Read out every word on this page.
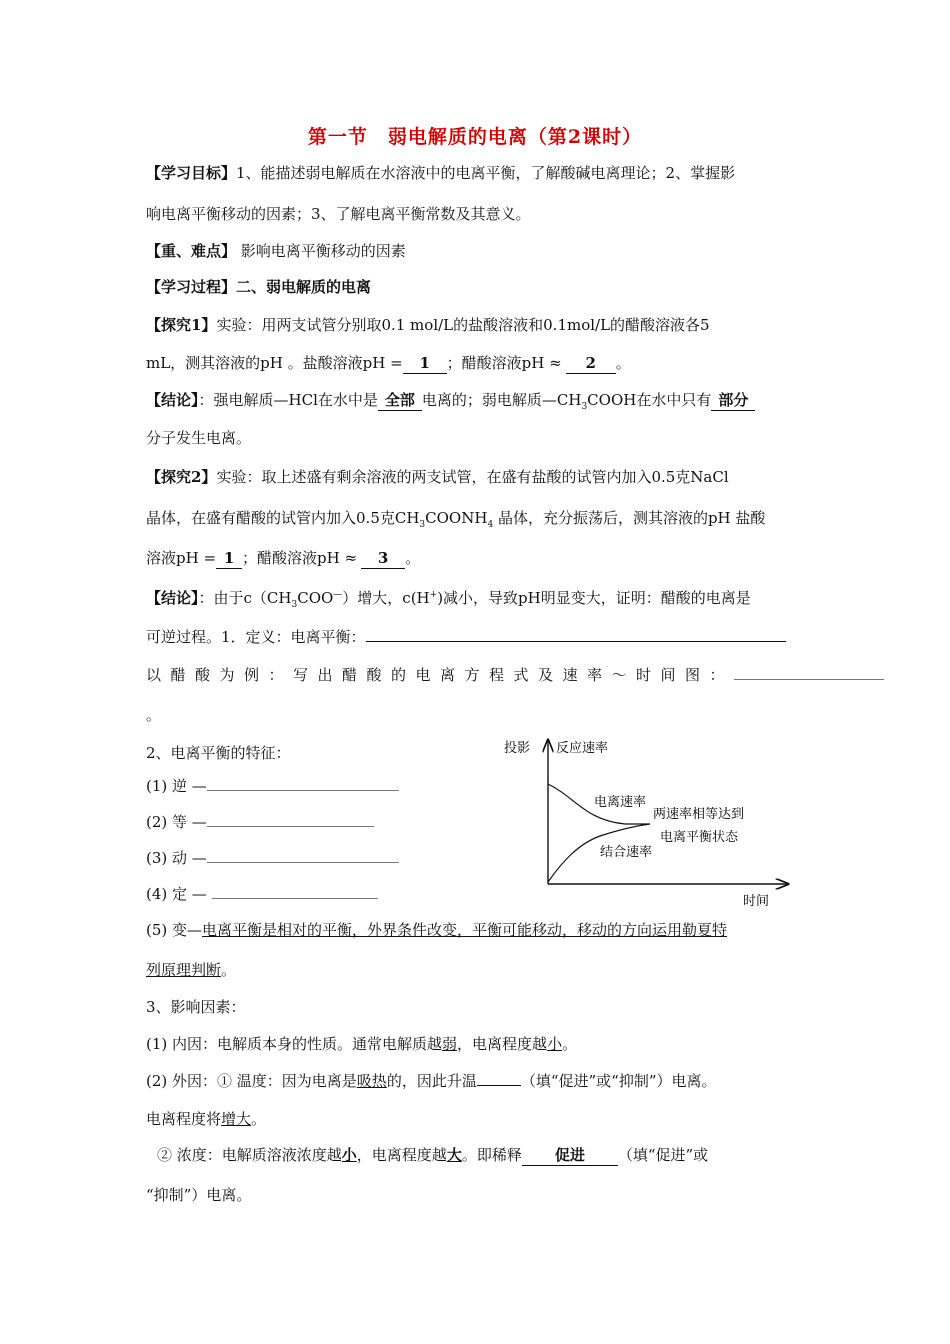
第一节　弱电解质的电离（第2课时）
【学习目标】1、能描述弱电解质在水溶液中的电离平衡，了解酸碱电离理论；2、掌握影
响电离平衡移动的因素；3、了解电离平衡常数及其意义。
【重、难点】 影响电离平衡移动的因素
【学习过程】二、弱电解质的电离
【探究1】实验：用两支试管分别取0.1 mol/L的盐酸溶液和0.1mol/L的醋酸溶液各5
mL，测其溶液的pH 。盐酸溶液pH = 1 ；醋酸溶液pH ≈ 2 。
【结论】：强电解质—HCl在水中是 全部 电离的；弱电解质$—CH_3COOH$在水中只有 部分
分子发生电离。
【探究2】实验：取上述盛有剩余溶液的两支试管，在盛有盐酸的试管内加入0.5克NaCl
晶体，在盛有醋酸的试管内加入0.5克$CH_3COONH_4$ 晶体，充分振荡后，测其溶液的pH 盐酸
溶液pH = 1 ；醋酸溶液pH ≈ 3 。
【结论】：由于$c(CH_3COO^—)$增大，c(H+)减小，导致pH明显变大，证明：醋酸的电离是
可逆过程。1．定义：电离平衡：
以醋酸为例：写出醋酸的电离方程式及速率～时间图：
。
2、电离平衡的特征：
(1) 逆 —
(2) 等 —
(3) 动 —
(4) 定 —
(5) 变—电离平衡是相对的平衡，外界条件改变，平衡可能移动，移动的方向运用勒夏特
列原理判断。
投影 反应速率
时间
电离速率
两速率相等达到
电离平衡状态
结合速率
3、影响因素：
(1) 内因：电解质本身的性质。通常电解质越弱，电离程度越小。
(2) 外因：① 温度：因为电离是吸热的，因此升温	（填“促进”或“抑制”）电离。
电离程度将增大。
② 浓度：电解质溶液浓度越小，电离程度越大。即稀释 促进 （填“促进”或
“抑制”）电离。
